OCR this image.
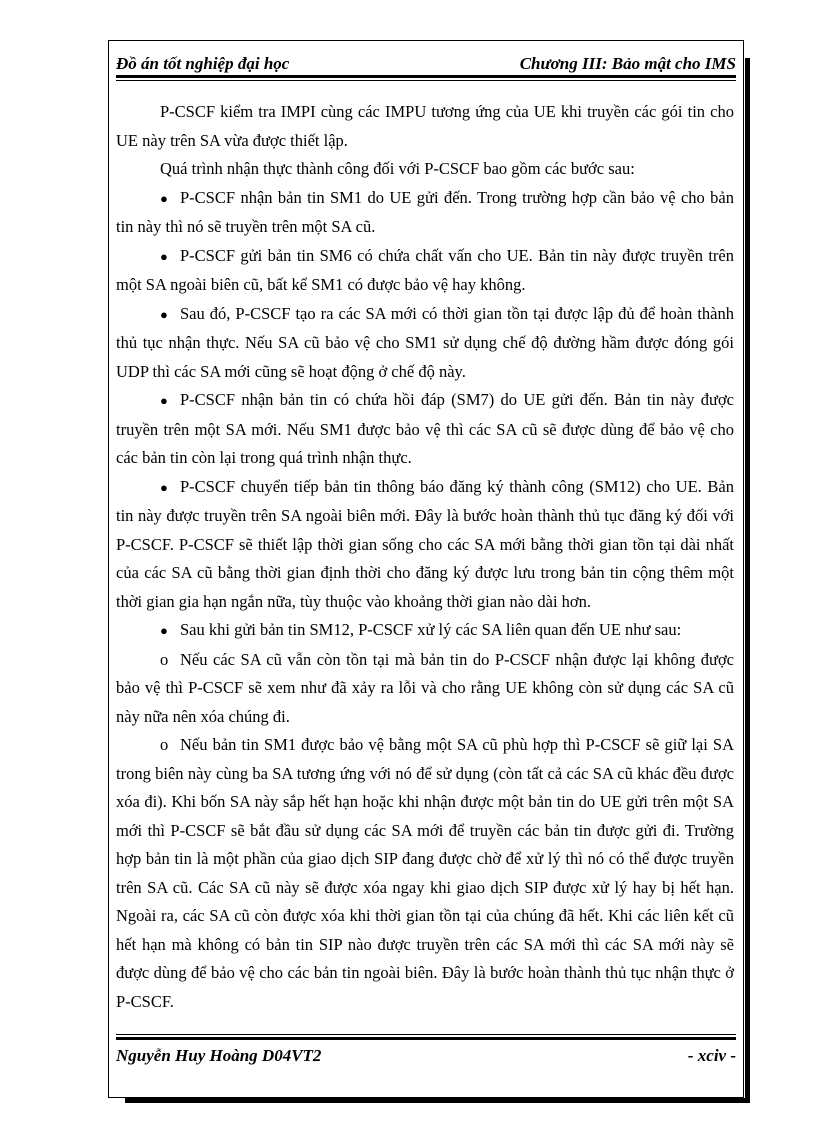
Đồ án tốt nghiệp đại học	Chương III: Bảo mật cho IMS

P-CSCF kiểm tra IMPI cùng các IMPU tương ứng của UE khi truyền các gói tin cho UE này trên SA vừa được thiết lập.

Quá trình nhận thực thành công đối với P-CSCF bao gồm các bước sau:

● P-CSCF nhận bản tin SM1 do UE gửi đến. Trong trường hợp cần bảo vệ cho bản tin này thì nó sẽ truyền trên một SA cũ.

● P-CSCF gửi bản tin SM6 có chứa chất vấn cho UE. Bản tin này được truyền trên một SA ngoài biên cũ, bất kể SM1 có được bảo vệ hay không.

● Sau đó, P-CSCF tạo ra các SA mới có thời gian tồn tại được lập đủ để hoàn thành thủ tục nhận thực. Nếu SA cũ bảo vệ cho SM1 sử dụng chế độ đường hầm được đóng gói UDP thì các SA mới cũng sẽ hoạt động ở chế độ này.

● P-CSCF nhận bản tin có chứa hồi đáp (SM7) do UE gửi đến. Bản tin này được truyền trên một SA mới. Nếu SM1 được bảo vệ thì các SA cũ sẽ được dùng để bảo vệ cho các bản tin còn lại trong quá trình nhận thực.

● P-CSCF chuyển tiếp bản tin thông báo đăng ký thành công (SM12) cho UE. Bản tin này được truyền trên SA ngoài biên mới. Đây là bước hoàn thành thủ tục đăng ký đối với P-CSCF. P-CSCF sẽ thiết lập thời gian sống cho các SA mới bằng thời gian tồn tại dài nhất của các SA cũ bằng thời gian định thời cho đăng ký được lưu trong bản tin cộng thêm một thời gian gia hạn ngắn nữa, tùy thuộc vào khoảng thời gian nào dài hơn.

● Sau khi gửi bản tin SM12, P-CSCF xử lý các SA liên quan đến UE như sau:

o Nếu các SA cũ vẫn còn tồn tại mà bản tin do P-CSCF nhận được lại không được bảo vệ thì P-CSCF sẽ xem như đã xảy ra lỗi và cho rằng UE không còn sử dụng các SA cũ này nữa nên xóa chúng đi.

o Nếu bản tin SM1 được bảo vệ bằng một SA cũ phù hợp thì P-CSCF sẽ giữ lại SA trong biên này cùng ba SA tương ứng với nó để sử dụng (còn tất cả các SA cũ khác đều được xóa đi). Khi bốn SA này sắp hết hạn hoặc khi nhận được một bản tin do UE gửi trên một SA mới thì P-CSCF sẽ bắt đầu sử dụng các SA mới để truyền các bản tin được gửi đi. Trường hợp bản tin là một phần của giao dịch SIP đang được chờ để xử lý thì nó có thể được truyền trên SA cũ. Các SA cũ này sẽ được xóa ngay khi giao dịch SIP được xử lý hay bị hết hạn. Ngoài ra, các SA cũ còn được xóa khi thời gian tồn tại của chúng đã hết. Khi các liên kết cũ hết hạn mà không có bản tin SIP nào được truyền trên các SA mới thì các SA mới này sẽ được dùng để bảo vệ cho các bản tin ngoài biên. Đây là bước hoàn thành thủ tục nhận thực ở P-CSCF.

Nguyễn Huy Hoàng D04VT2	- xciv -
